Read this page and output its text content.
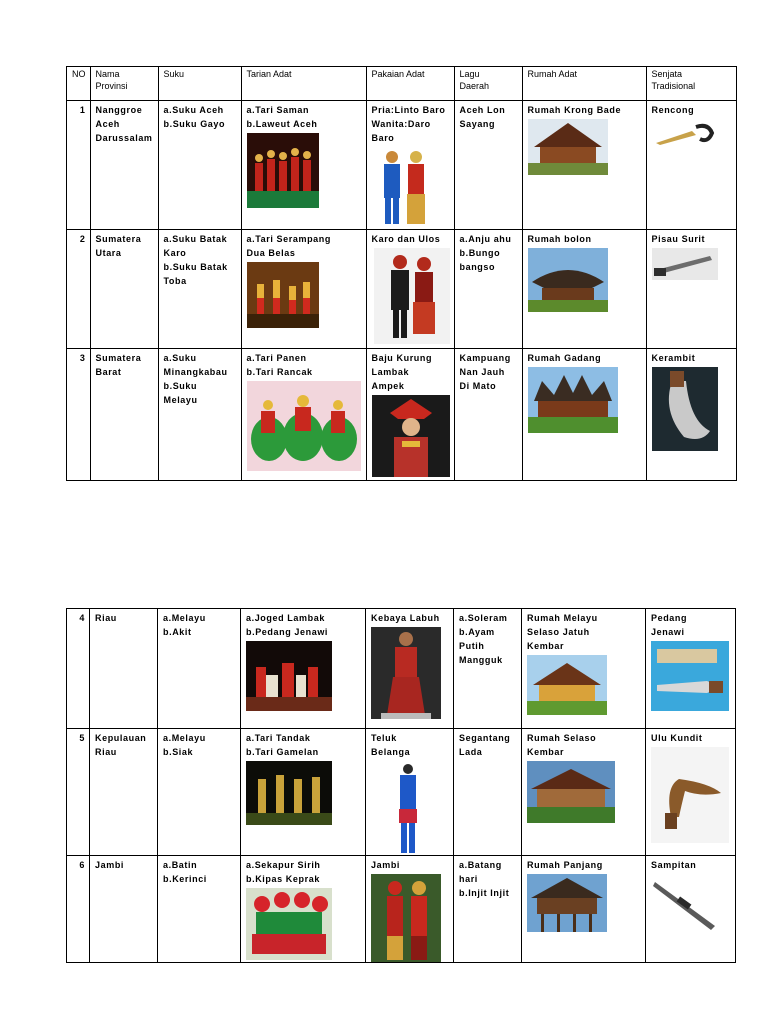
NO	Nama
Provinsi	Suku	Tarian Adat	Pakaian Adat	Lagu
Daerah	Rumah Adat	Senjata
Tradisional

1	Nanggroe
Aceh
Darussalam	a.Suku Aceh
b.Suku Gayo	a.Tari Saman
b.Laweut Aceh	Pria:Linto Baro
Wanita:Daro
Baro	Aceh Lon
Sayang	Rumah Krong Bade	Rencong

2	Sumatera
Utara	a.Suku Batak
Karo
b.Suku Batak
Toba	a.Tari Serampang
Dua Belas	Karo dan Ulos	a.Anju ahu
b.Bungo
bangso	Rumah bolon	Pisau Surit

3	Sumatera
Barat	a.Suku
Minangkabau
b.Suku
Melayu	a.Tari Panen
b.Tari Rancak	Baju Kurung
Lambak
Ampek	Kampuang
Nan Jauh
Di Mato	Rumah Gadang	Kerambit
4	Riau	a.Melayu
b.Akit	a.Joged Lambak
b.Pedang Jenawi	Kebaya Labuh	a.Soleram
b.Ayam
Putih
Mangguk	Rumah Melayu
Selaso Jatuh
Kembar	Pedang
Jenawi

5	Kepulauan
Riau	a.Melayu
b.Siak	a.Tari Tandak
b.Tari Gamelan	Teluk
Belanga	Segantang
Lada	Rumah Selaso
Kembar	Ulu Kundit

6	Jambi	a.Batin
b.Kerinci	a.Sekapur Sirih
b.Kipas Keprak	Jambi	a.Batang
hari
b.Injit Injit	Rumah Panjang	Sampitan
